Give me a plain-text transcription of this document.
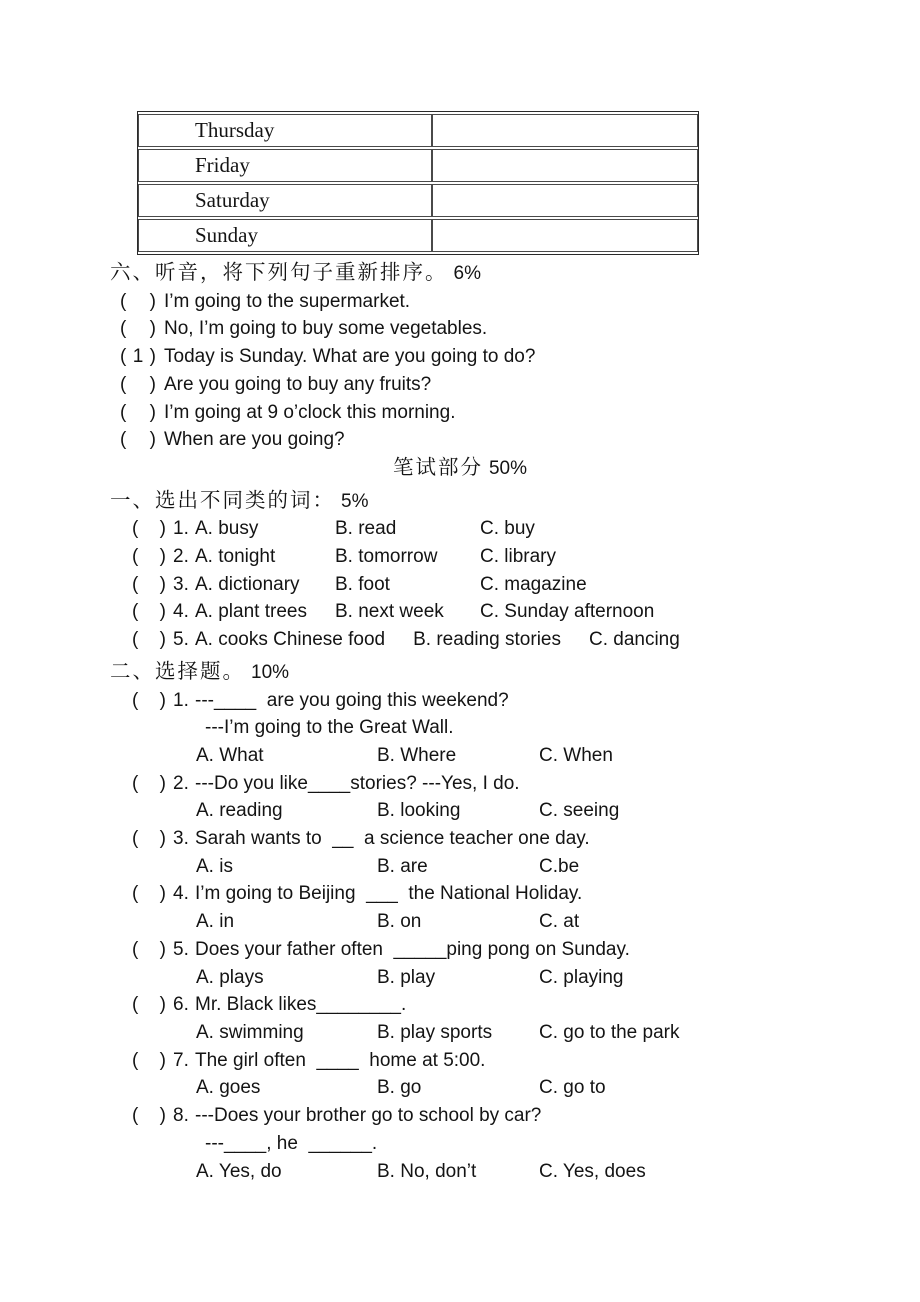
Thursday	
Friday	
Saturday	
Sunday	
六、听音，将下列句子重新排序。 6%
( ) I’m going to the supermarket.
( ) No, I’m going to buy some vegetables.
( 1 ) Today is Sunday. What are you going to do?
( ) Are you going to buy any fruits?
( ) I’m going at 9 o’clock this morning.
( ) When are you going?
笔试部分 50%
一、选出不同类的词： 5%
( ) 1. A. busy	B. read	C. buy
( ) 2. A. tonight	B. tomorrow	C. library
( ) 3. A. dictionary	B. foot	C. magazine
( ) 4. A. plant trees	B. next week	C. Sunday afternoon
( ) 5. A. cooks Chinese food	B. reading stories	C. dancing
二、选择题。 10%
( ) 1. ---____  are you going this weekend?
---I’m going to the Great Wall.
A. What	B. Where	C. When
( ) 2. ---Do you like____stories? ---Yes, I do.
A. reading	B. looking	C. seeing
( ) 3. Sarah wants to  __  a science teacher one day.
A. is	B. are	C.be
( ) 4. I’m going to Beijing  ___  the National Holiday.
A. in	B. on	C. at
( ) 5. Does your father often  _____ping pong on Sunday.
A. plays	B. play	C. playing
( ) 6. Mr. Black likes________.
A. swimming	B. play sports C. go to the park
( ) 7. The girl often  ____  home at 5:00.
A. goes	B. go	C. go to
( ) 8. ---Does your brother go to school by car?
---____, he  ______.
A. Yes, do	B. No, don’t	C. Yes, does
